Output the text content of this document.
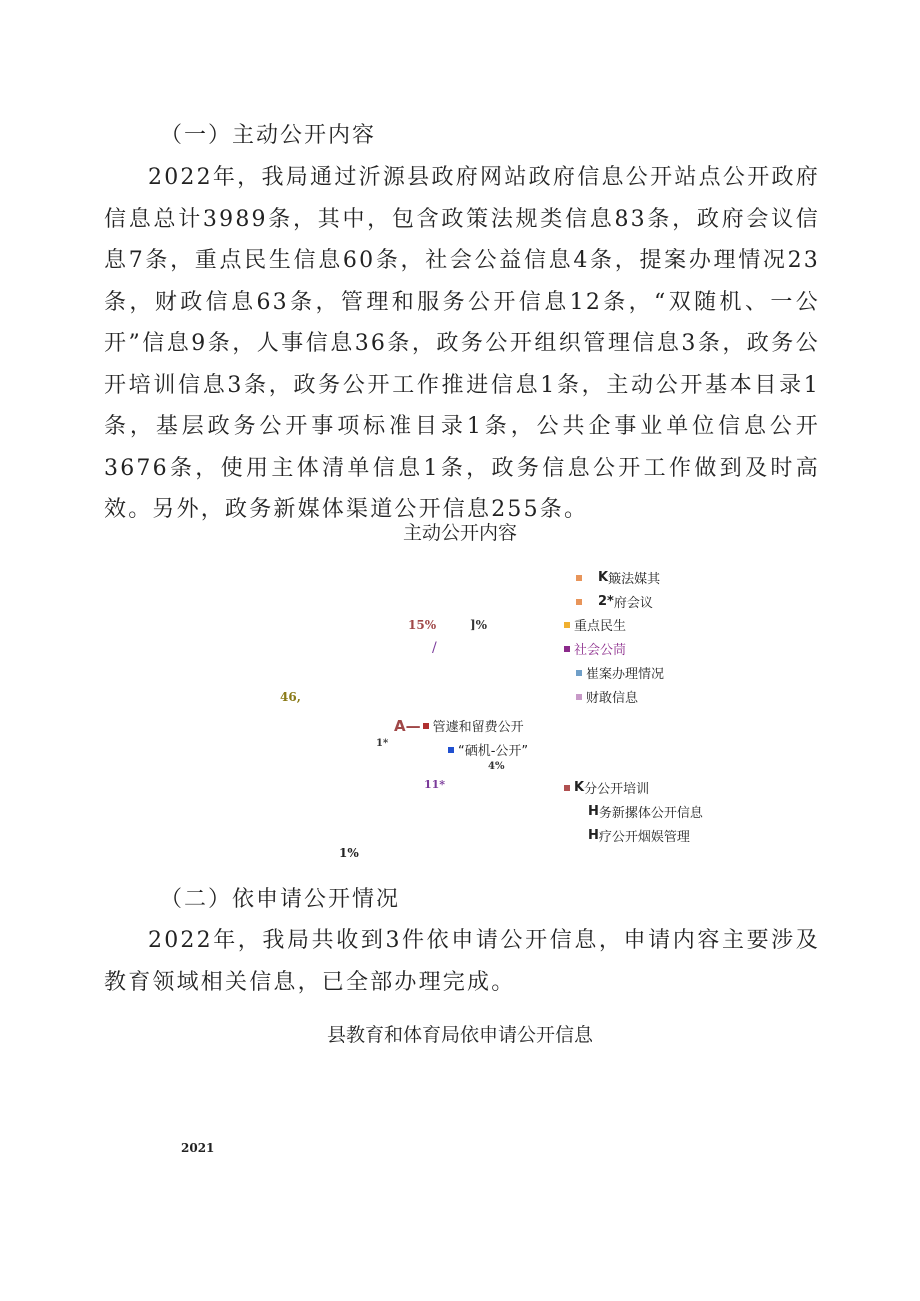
（一）主动公开内容

2022年，我局通过沂源县政府网站政府信息公开站点公开政府信息总计3989条，其中，包含政策法规类信息83条，政府会议信息7条，重点民生信息60条，社会公益信息4条，提案办理情况23条，财政信息63条，管理和服务公开信息12条，“双随机、一公开”信息9条，人事信息36条，政务公开组织管理信息3条，政务公开培训信息3条，政务公开工作推进信息1条，主动公开基本目录1条，基层政务公开事项标准目录1条，公共企事业单位信息公开3676条，使用主体清单信息1条，政务信息公开工作做到及时高效。另外，政务新媒体渠道公开信息255条。

主动公开内容
15%	]%
/
46,
1*
4%
11*
1%
K 簸法媒其
2* 府会议
重点民生
社会公茼
崔案办理情况
财敢信息
A— 管遽和留费公开
“硒机-公开”
K 分公开培训
H 务新摞体公开信息
H 疗公开烟娱管理
（二）依申请公开情况

2022年，我局共收到3件依申请公开信息，申请内容主要涉及教育领域相关信息，已全部办理完成。

县教育和体育局依申请公开信息
2021
